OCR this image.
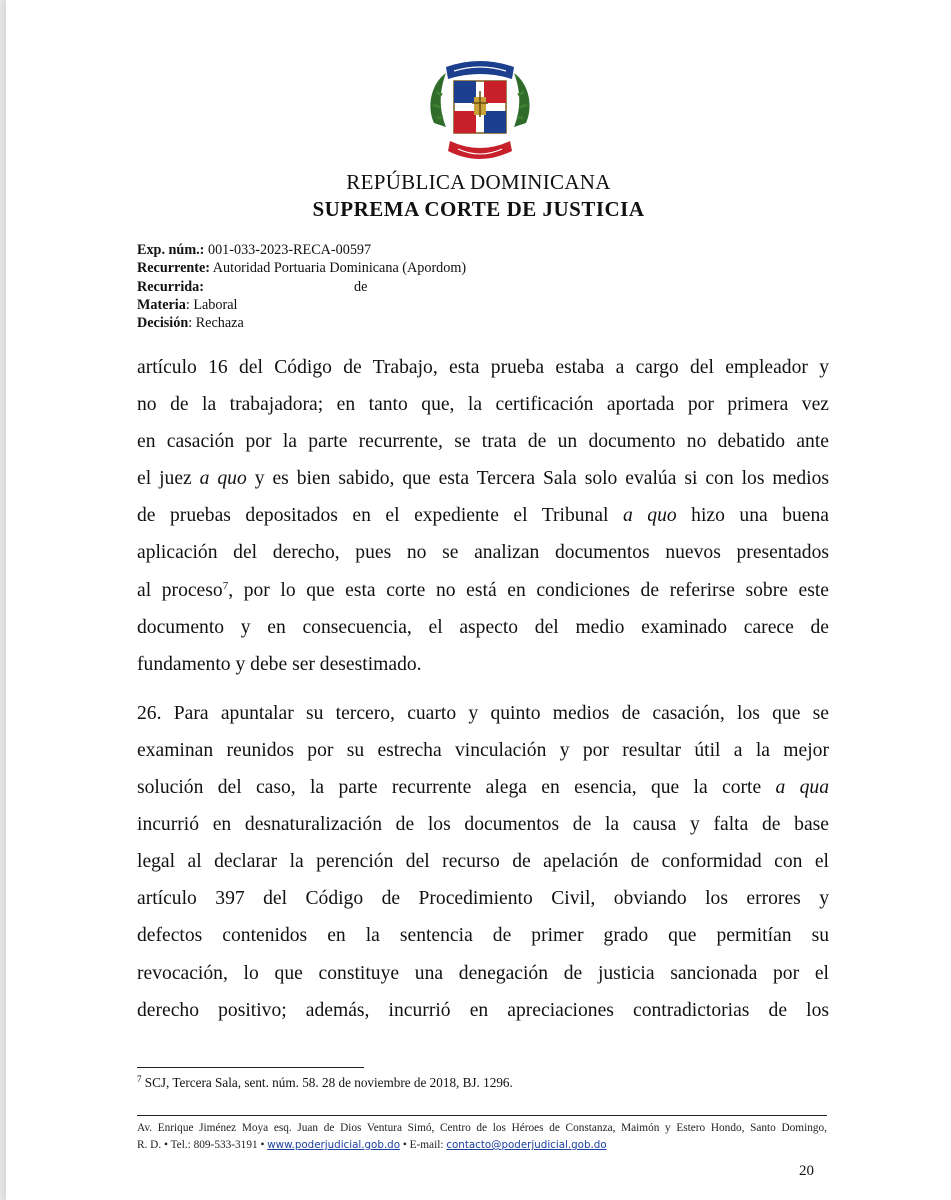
REPÚBLICA DOMINICANA
SUPREMA CORTE DE JUSTICIA
Exp. núm.: 001-033-2023-RECA-00597
Recurrente: Autoridad Portuaria Dominicana (Apordom)
Recurrida:	de
Materia: Laboral
Decisión: Rechaza
artículo 16 del Código de Trabajo, esta prueba estaba a cargo del empleador y
no de la trabajadora; en tanto que, la certificación aportada por primera vez
en casación por la parte recurrente, se trata de un documento no debatido ante
el juez a quo y es bien sabido, que esta Tercera Sala solo evalúa si con los medios
de pruebas depositados en el expediente el Tribunal a quo hizo una buena
aplicación del derecho, pues no se analizan documentos nuevos presentados
al proceso$^7$, por lo que esta corte no está en condiciones de referirse sobre este
documento y en consecuencia, el aspecto del medio examinado carece de
fundamento y debe ser desestimado.
26. Para apuntalar su tercero, cuarto y quinto medios de casación, los que se
examinan reunidos por su estrecha vinculación y por resultar útil a la mejor
solución del caso, la parte recurrente alega en esencia, que la corte a qua
incurrió en desnaturalización de los documentos de la causa y falta de base
legal al declarar la perención del recurso de apelación de conformidad con el
artículo 397 del Código de Procedimiento Civil, obviando los errores y
defectos contenidos en la sentencia de primer grado que permitían su
revocación, lo que constituye una denegación de justicia sancionada por el
derecho positivo; además, incurrió en apreciaciones contradictorias de los
$^7$ SCJ, Tercera Sala, sent. núm. 58. 28 de noviembre de 2018, BJ. 1296.
Av. Enrique Jiménez Moya esq. Juan de Dios Ventura Simó, Centro de los Héroes de Constanza, Maimón y Estero Hondo, Santo Domingo,
R. D. • Tel.: 809-533-3191 • www.poderjudicial.gob.do • E-mail: contacto@poderjudicial.gob.do
20
